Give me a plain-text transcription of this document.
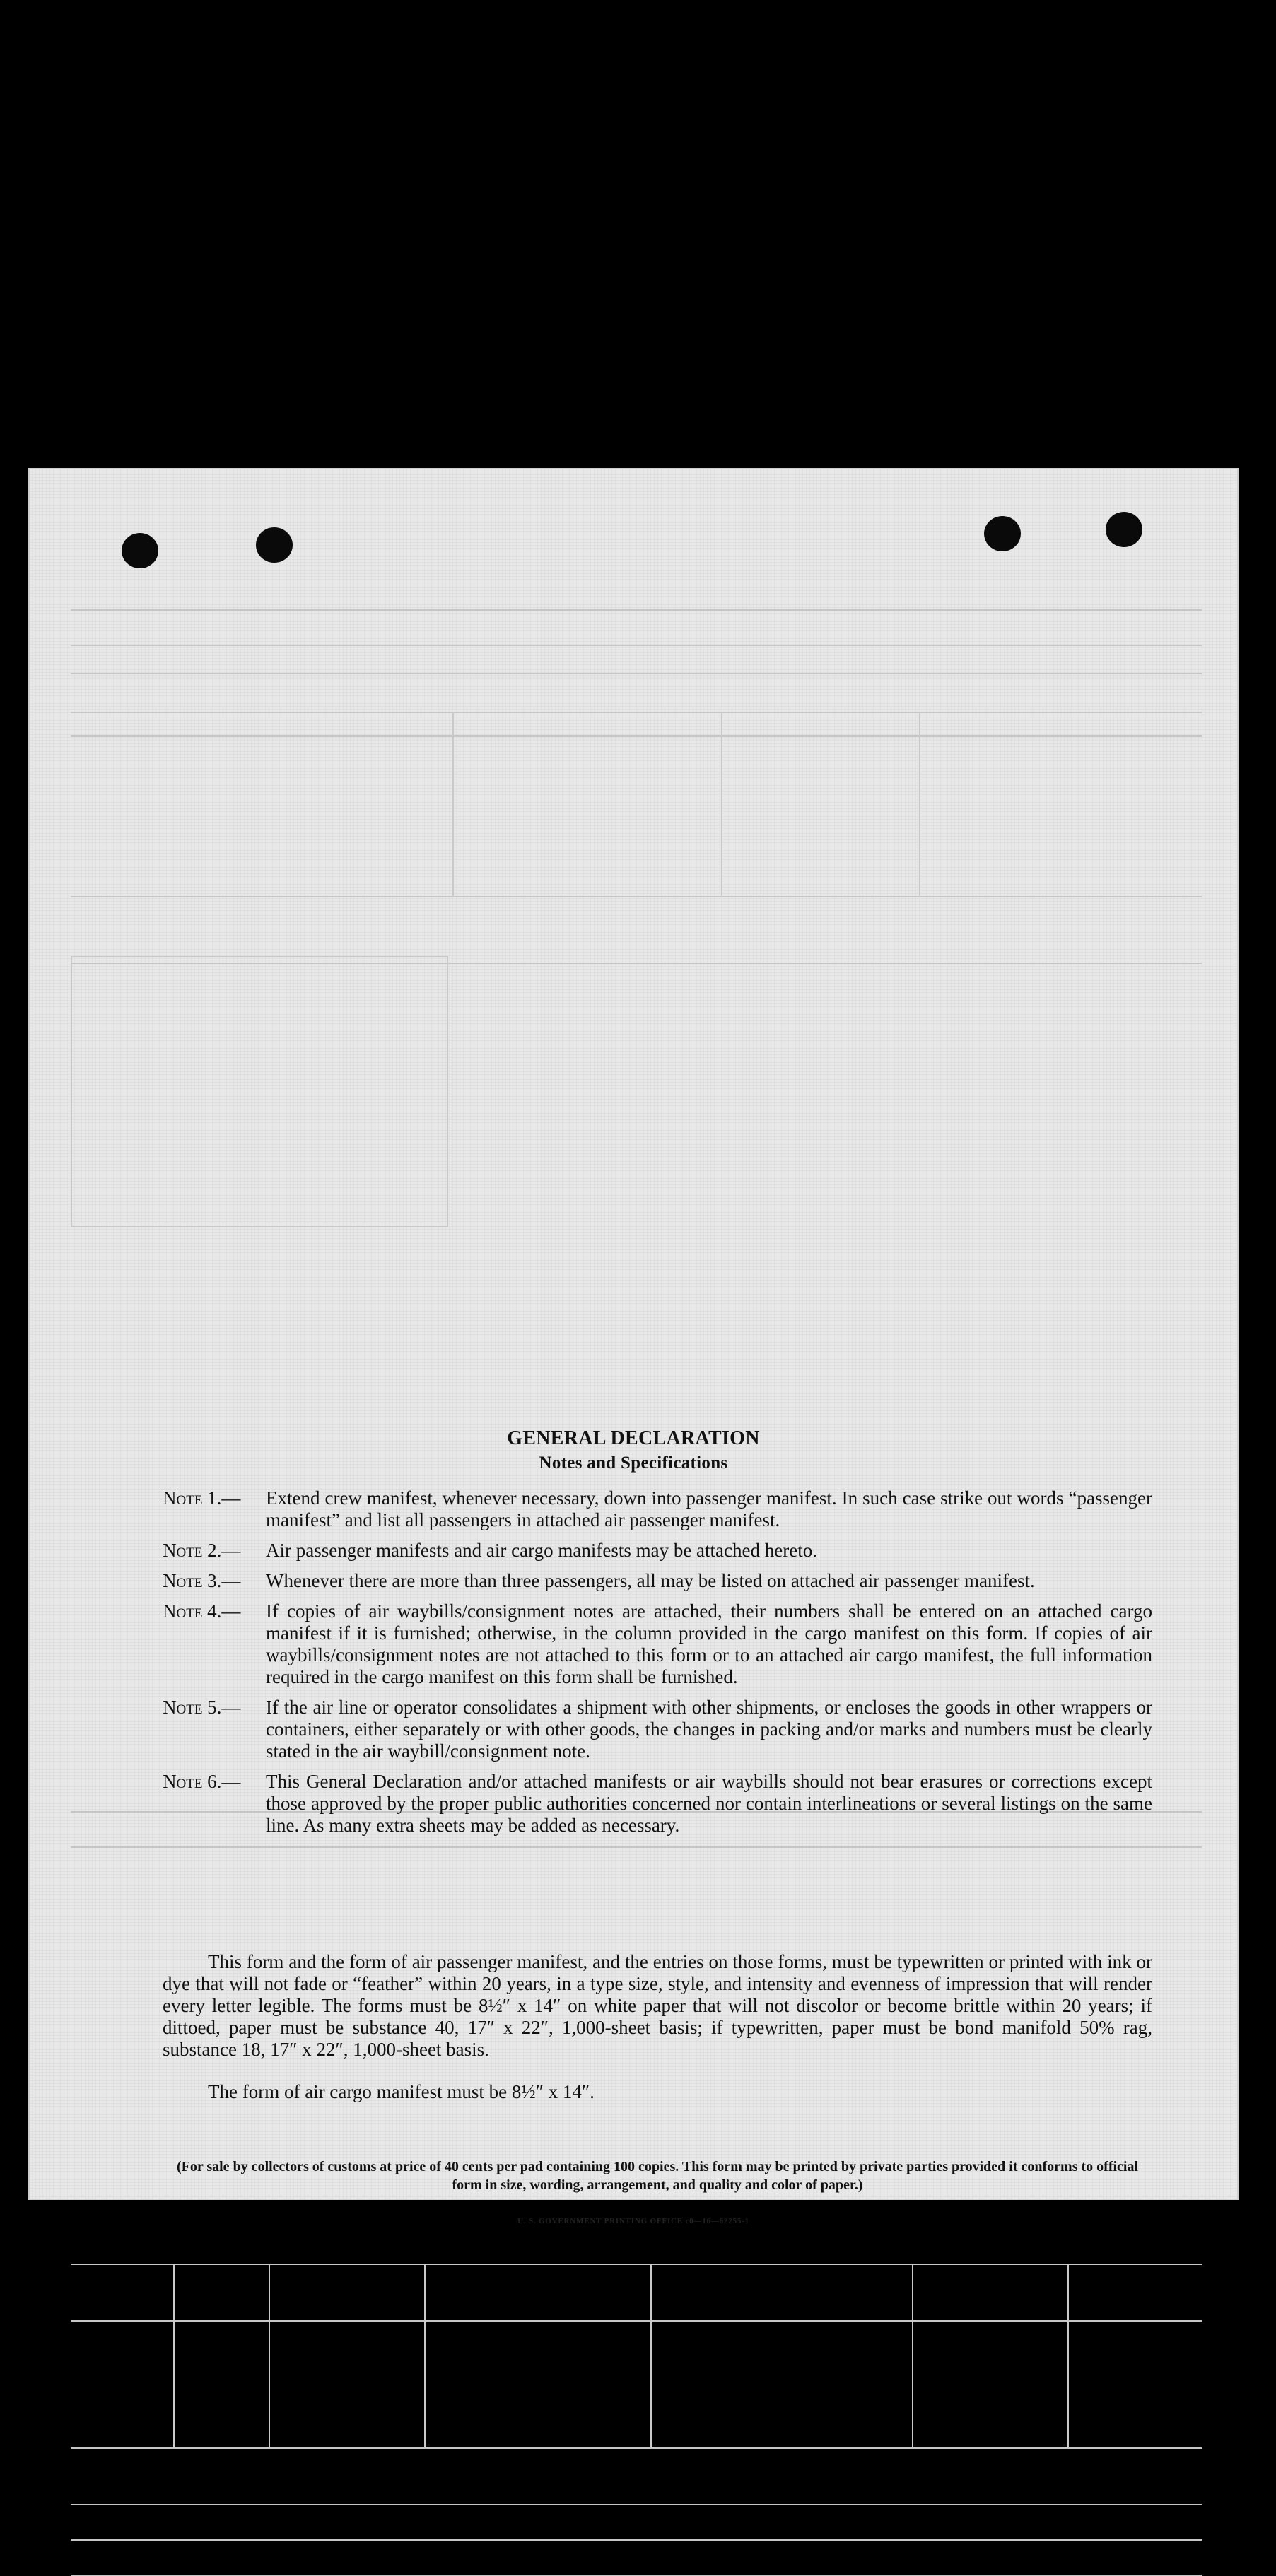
GENERAL DECLARATION
Notes and Specifications
Note 1.—	Extend crew manifest, whenever necessary, down into passenger manifest. In such case strike out words “passenger manifest” and list all passengers in attached air passenger manifest.
Note 2.—	Air passenger manifests and air cargo manifests may be attached hereto.
Note 3.—	Whenever there are more than three passengers, all may be listed on attached air passenger manifest.
Note 4.—	If copies of air waybills/consignment notes are attached, their numbers shall be entered on an attached cargo manifest if it is furnished; otherwise, in the column provided in the cargo manifest on this form. If copies of air waybills/consignment notes are not attached to this form or to an attached air cargo manifest, the full information required in the cargo manifest on this form shall be furnished.
Note 5.—	If the air line or operator consolidates a shipment with other shipments, or encloses the goods in other wrappers or containers, either separately or with other goods, the changes in packing and/or marks and numbers must be clearly stated in the air waybill/consignment note.
Note 6.—	This General Declaration and/or attached manifests or air waybills should not bear erasures or corrections except those approved by the proper public authorities concerned nor contain interlineations or several listings on the same line. As many extra sheets may be added as necessary.
This form and the form of air passenger manifest, and the entries on those forms, must be typewritten or printed with ink or dye that will not fade or “feather” within 20 years, in a type size, style, and intensity and evenness of impression that will render every letter legible. The forms must be 8½″ x 14″ on white paper that will not discolor or become brittle within 20 years; if dittoed, paper must be substance 40, 17″ x 22″, 1,000-sheet basis; if typewritten, paper must be bond manifold 50% rag, substance 18, 17″ x 22″, 1,000-sheet basis.
The form of air cargo manifest must be 8½″ x 14″.
(For sale by collectors of customs at price of 40 cents per pad containing 100 copies. This form may be printed by private parties provided it conforms to official form in size, wording, arrangement, and quality and color of paper.)
U. S. GOVERNMENT PRINTING OFFICE c0—16—62255-1
